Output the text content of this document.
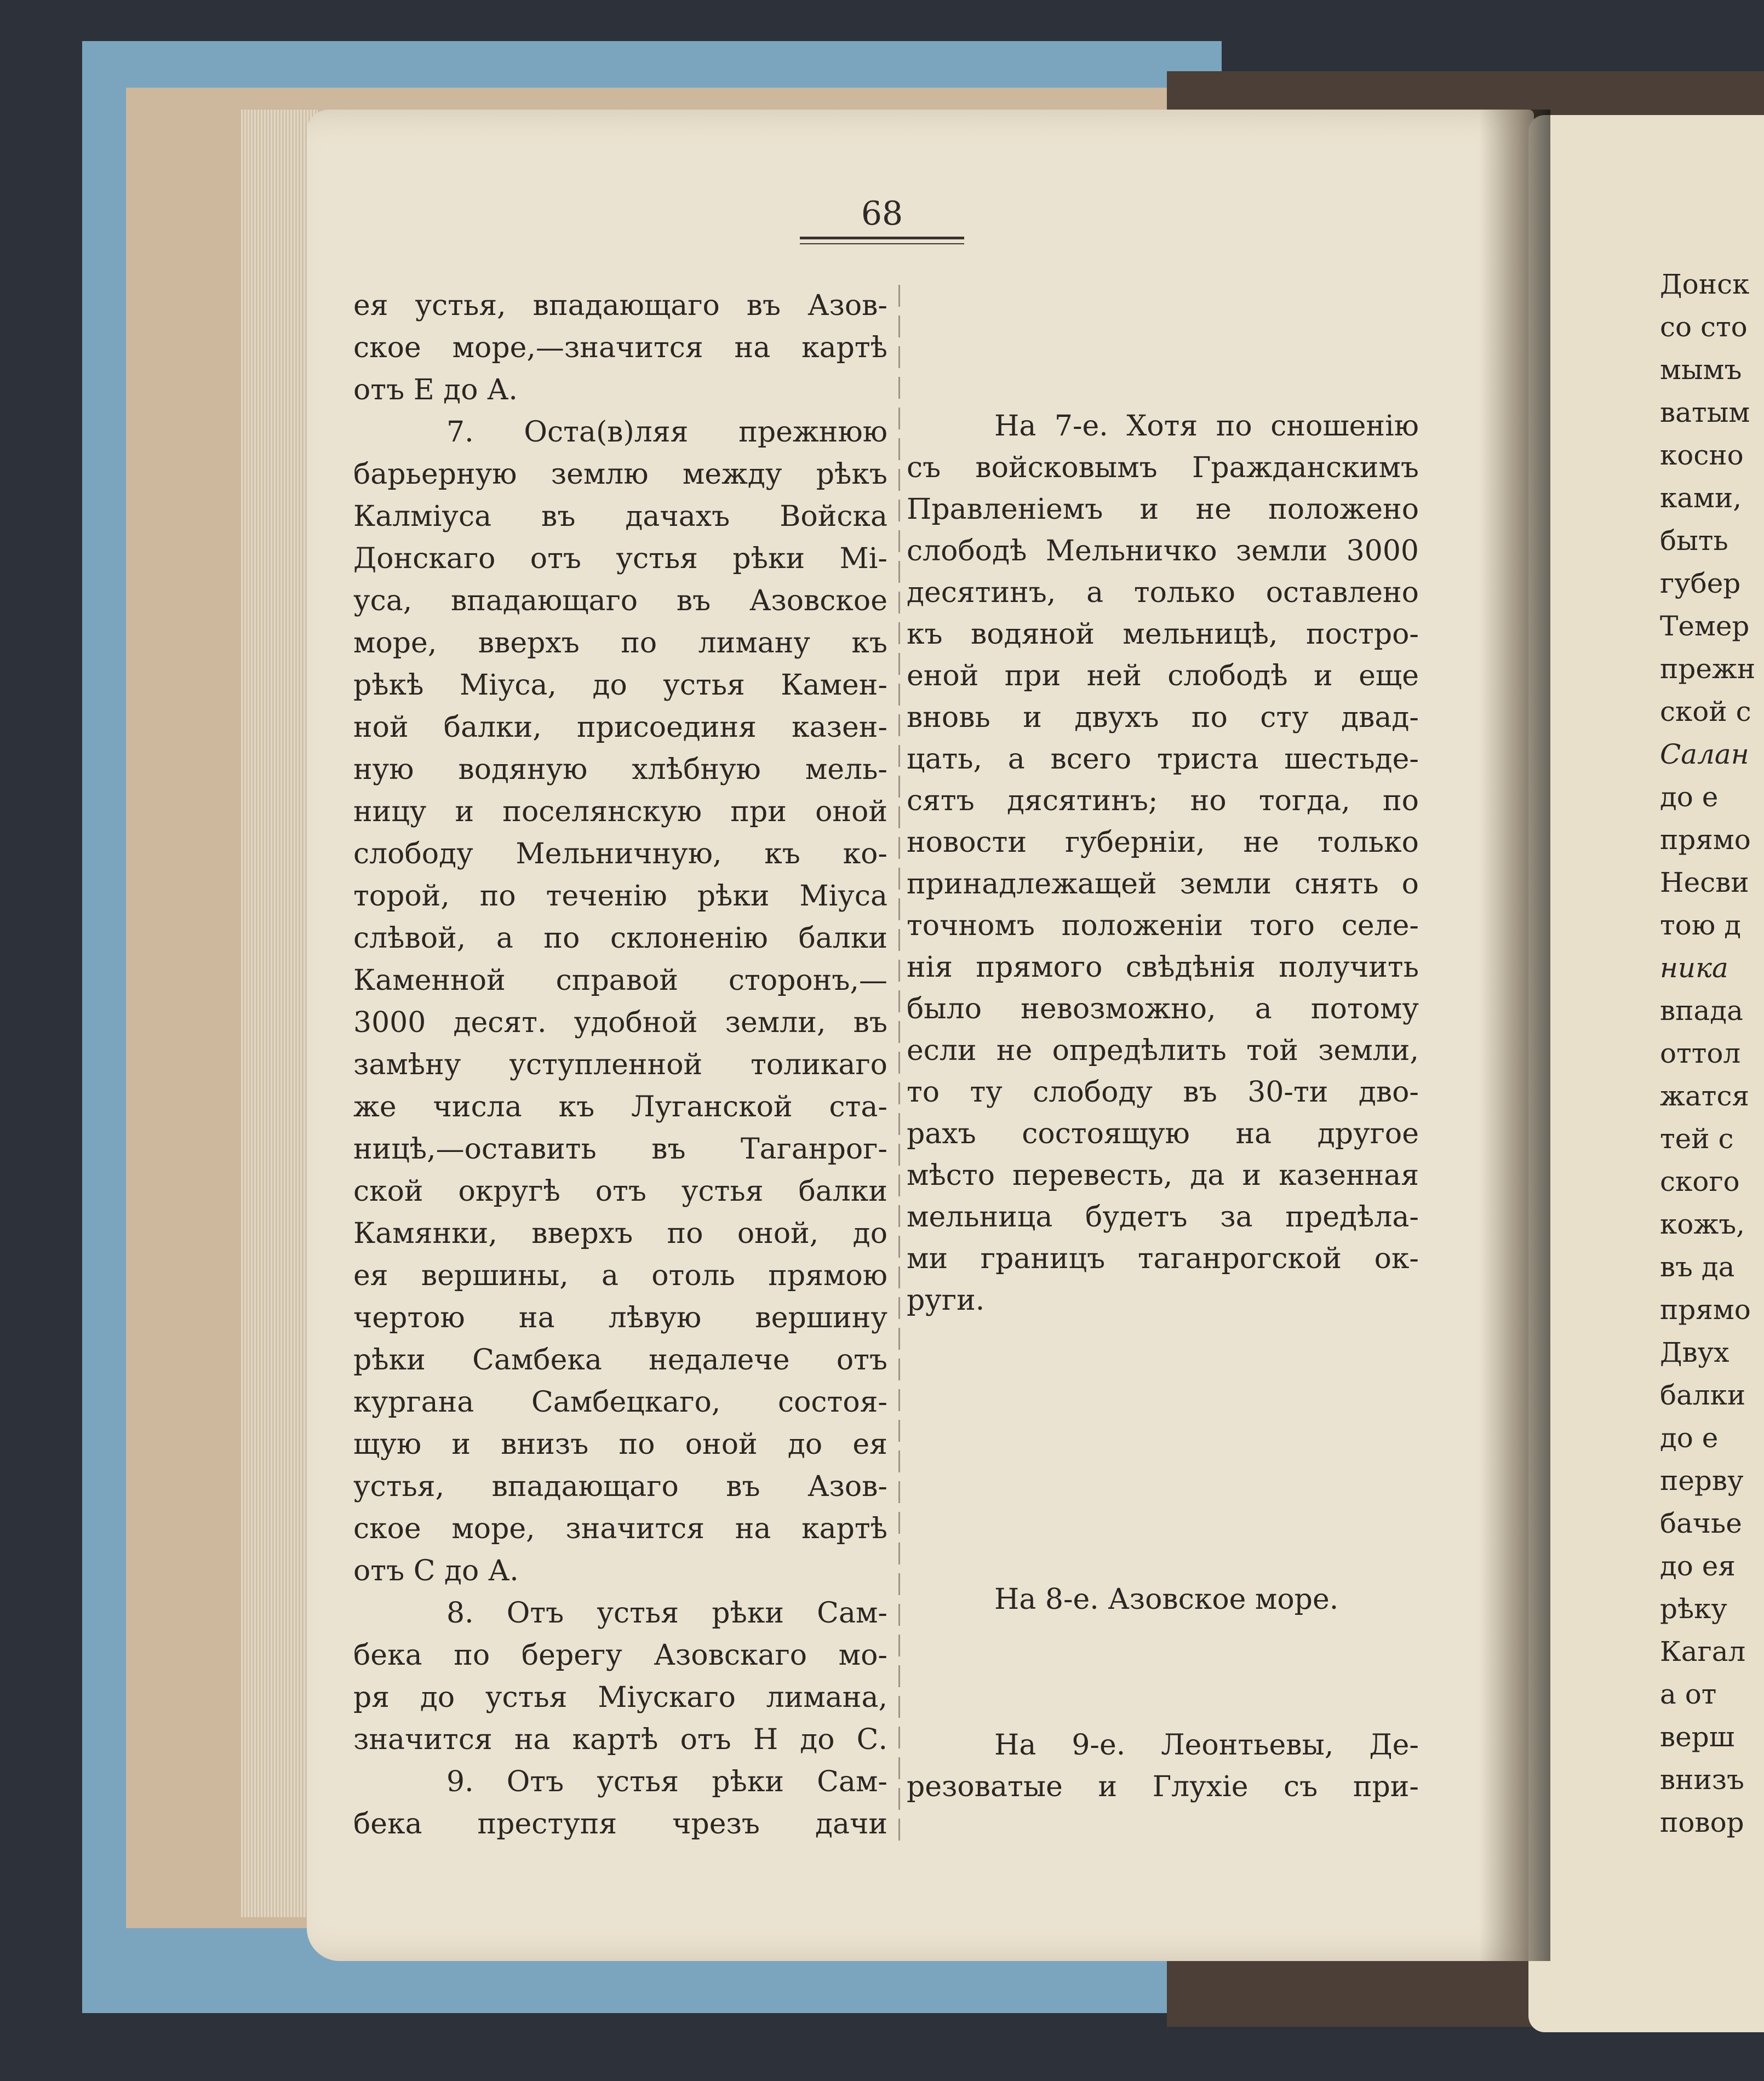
68
ея устья, впадающаго въ Азов-
ское море,—значится на картѣ
отъ Е до А.
7. Оста(в)ляя прежнюю
барьерную землю между рѣкъ
Калміуса въ дачахъ Войска
Донскаго отъ устья рѣки Мі-
уса, впадающаго въ Азовское
море, вверхъ по лиману къ
рѣкѣ Міуса, до устья Камен-
ной балки, присоединя казен-
ную водяную хлѣбную мель-
ницу и поселянскую при оной
слободу Мельничную, къ ко-
торой, по теченію рѣки Міуса
слѣвой, а по склоненію балки
Каменной справой сторонъ,—
3000 десят. удобной земли, въ
замѣну уступленной толикаго
же числа къ Луганской ста-
ницѣ,—оставить въ Таганрог-
ской округѣ отъ устья балки
Камянки, вверхъ по оной, до
ея вершины, а отоль прямою
чертою на лѣвую вершину
рѣки Самбека недалече отъ
кургана Самбецкаго, состоя-
щую и внизъ по оной до ея
устья, впадающаго въ Азов-
ское море, значится на картѣ
отъ С до А.
8. Отъ устья рѣки Сам-
бека по берегу Азовскаго мо-
ря до устья Міускаго лимана,
значится на картѣ отъ Н до С.
9. Отъ устья рѣки Сам-
бека преступя чрезъ дачи
На 7-е. Хотя по сношенію
съ войсковымъ Гражданскимъ
Правленіемъ и не положено
слободѣ Мельничко земли 3000
десятинъ, а только оставлено
къ водяной мельницѣ, постро-
еной при ней слободѣ и еще
вновь и двухъ по сту двад-
цать, а всего триста шестьде-
сятъ дясятинъ; но тогда, по
новости губерніи, не только
принадлежащей земли снять о
точномъ положеніи того селе-
нія прямого свѣдѣнія получить
было невозможно, а потому
если не опредѣлить той земли,
то ту слободу въ 30-ти дво-
рахъ состоящую на другое
мѣсто перевесть, да и казенная
мельница будетъ за предѣла-
ми границъ таганрогской ок-
руги.
На 8-е. Азовское море.
На 9-е. Леонтьевы, Де-
резоватые и Глухіе съ при-
Донск
со сто
мымъ
ватым
косно
ками,
быть
губер
Темер
прежн
ской с
Салан
до е
прямо
Несви
тою д
ника
впада
оттол
жатся
тей с
ского
кожъ,
въ да
прямо
Двух
балки
до е
перву
бачье
до ея
рѣку
Кагал
а от
верш
внизъ
повор
